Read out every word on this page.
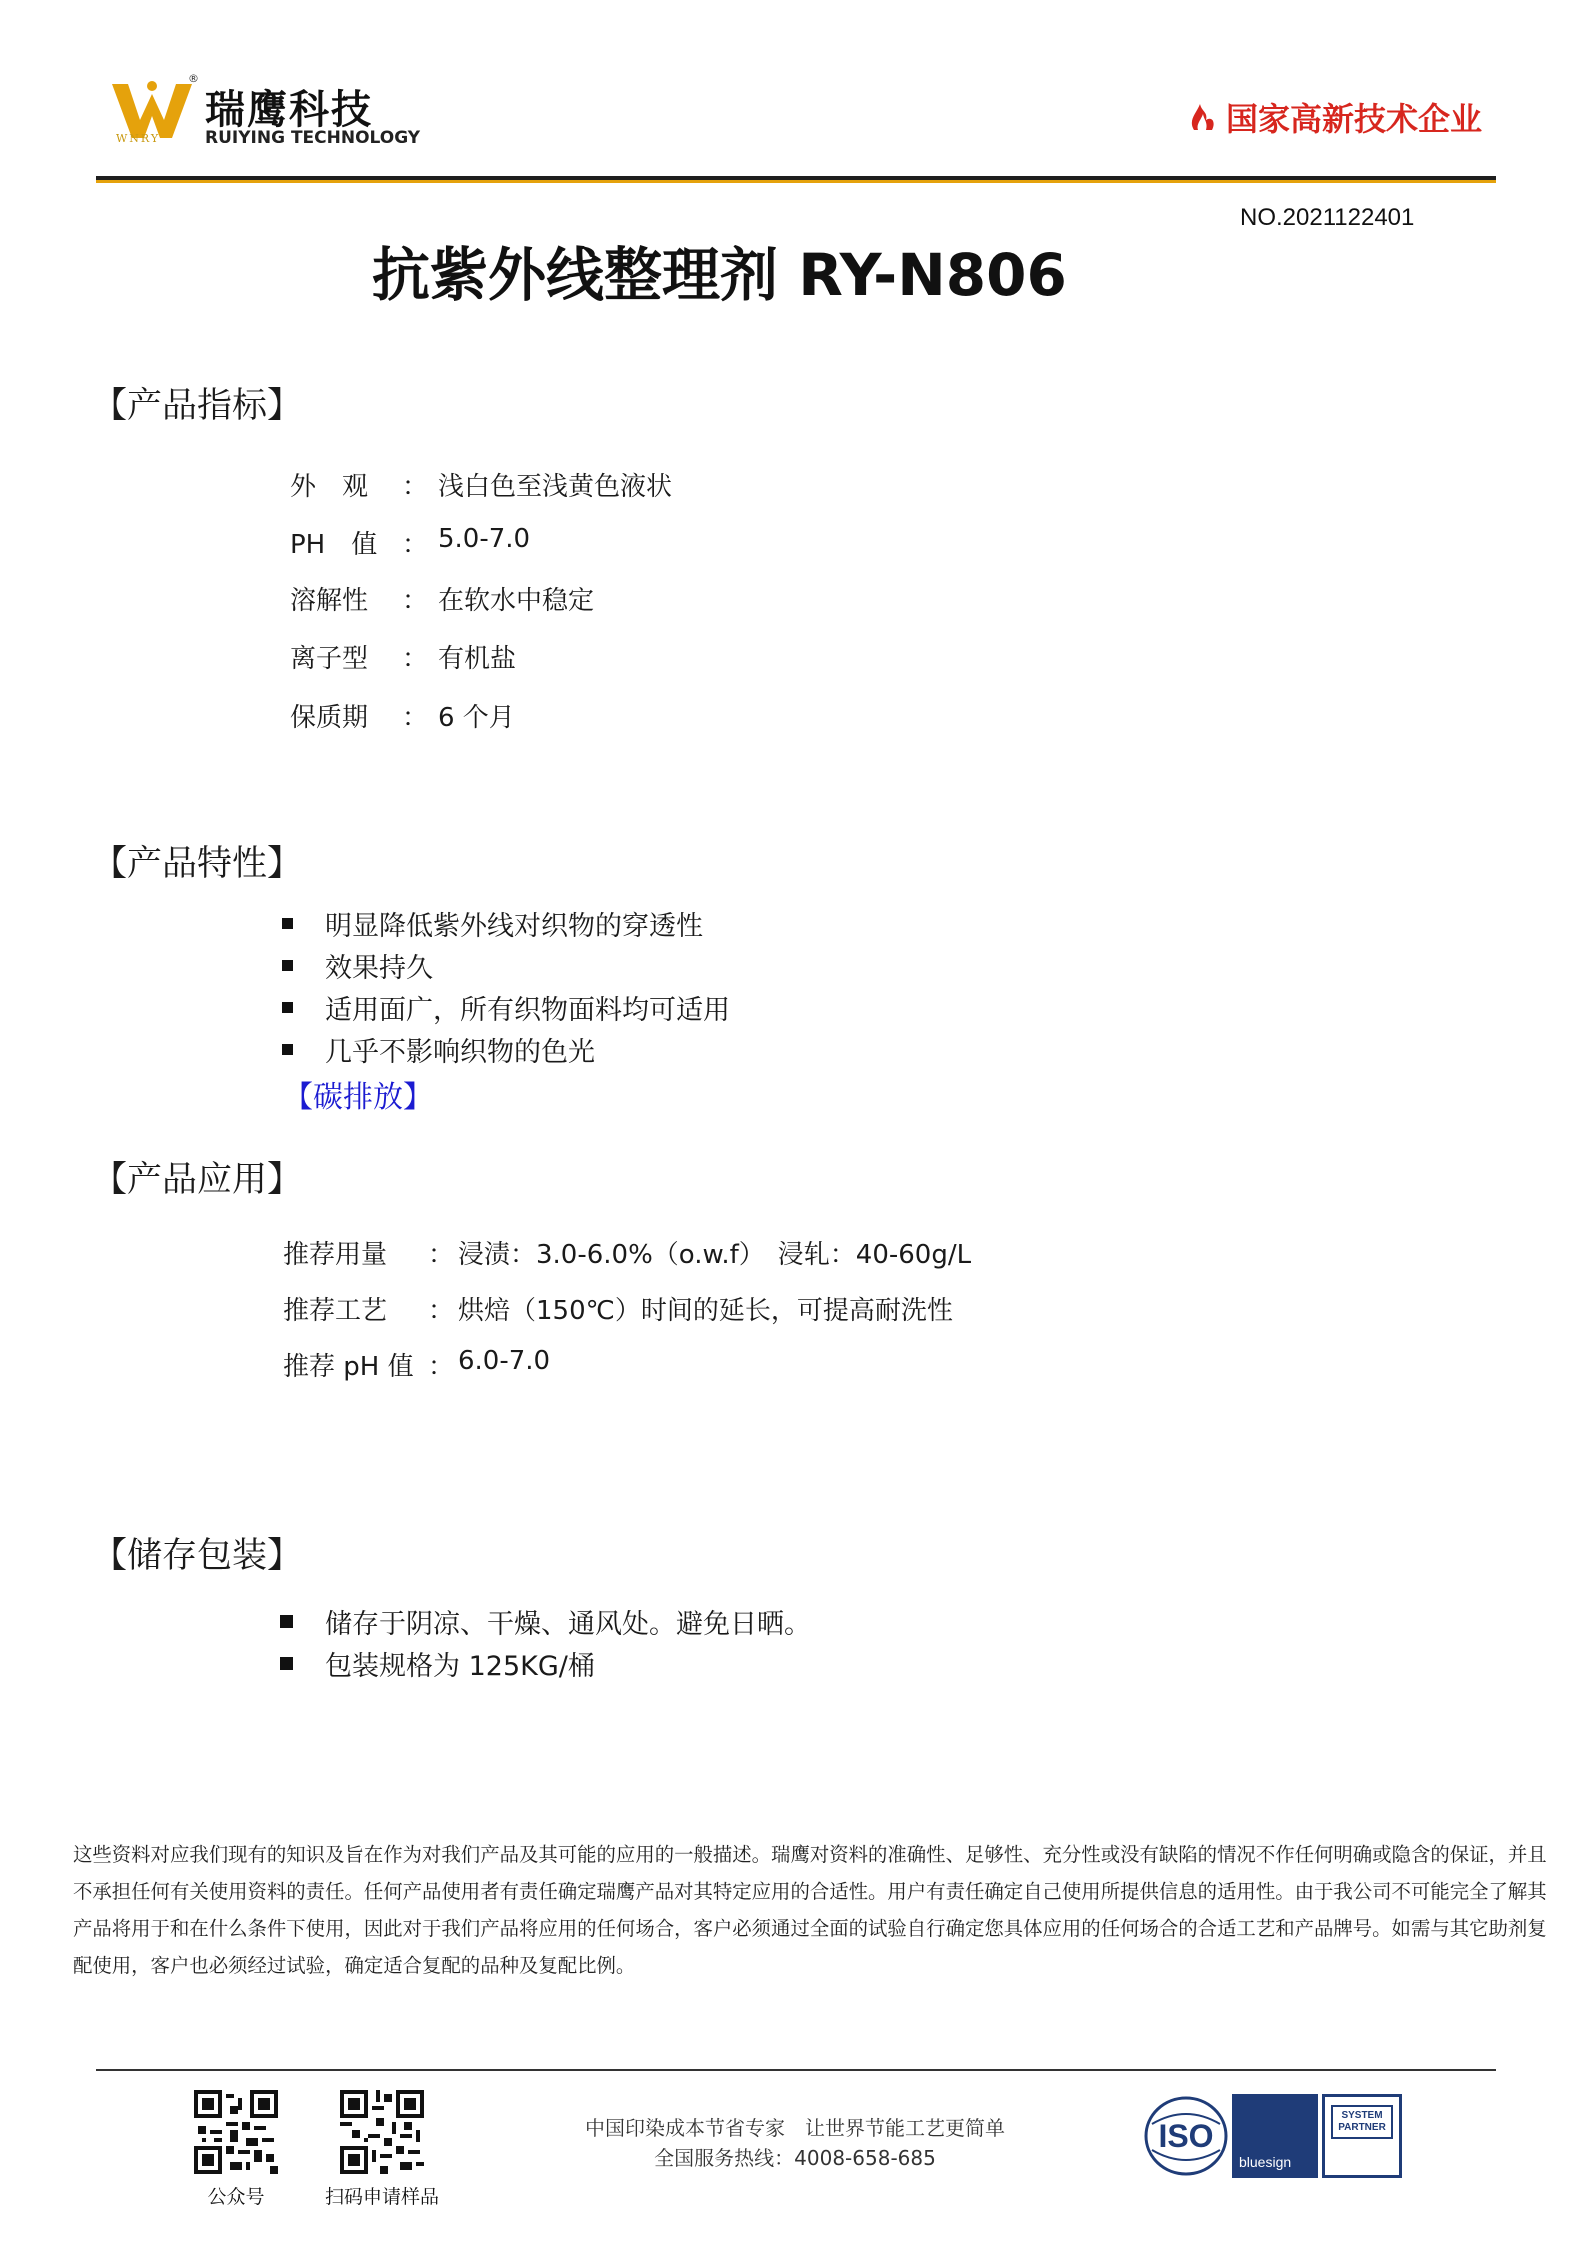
®
WNRY
瑞鹰科技
RUIYING TECHNOLOGY	国家高新技术企业
NO.2021122401
抗紫外线整理剂 RY-N806
【产品指标】
外　观	： 浅白色至浅黄色液状
PH　值 ： 5.0-7.0
溶解性	： 在软水中稳定
离子型	： 有机盐
保质期	： 6 个月
【产品特性】
明显降低紫外线对织物的穿透性
效果持久
适用面广，所有织物面料均可适用
几乎不影响织物的色光
【碳排放】
【产品应用】
推荐用量	： 浸渍：3.0-6.0%（o.w.f）　浸轧：40-60g/L
推荐工艺	： 烘焙（150℃）时间的延长，可提高耐洗性
推荐 pH 值 ： 6.0-7.0
【储存包装】
储存于阴凉、干燥、通风处。避免日晒。
包装规格为 125KG/桶
这些资料对应我们现有的知识及旨在作为对我们产品及其可能的应用的一般描述。瑞鹰对资料的准确性、足够性、充分性或没有缺陷的情况不作任何明确或隐含的保证，并且不承担任何有关使用资料的责任。任何产品使用者有责任确定瑞鹰产品对其特定应用的合适性。用户有责任确定自己使用所提供信息的适用性。由于我公司不可能完全了解其产品将用于和在什么条件下使用，因此对于我们产品将应用的任何场合，客户必须通过全面的试验自行确定您具体应用的任何场合的合适工艺和产品牌号。如需与其它助剂复配使用，客户也必须经过试验，确定适合复配的品种及复配比例。
公众号	扫码申请样品
中国印染成本节省专家　让世界节能工艺更简单
全国服务热线：4008-658-685
ISO
bluesign
SYSTEM
PARTNER
